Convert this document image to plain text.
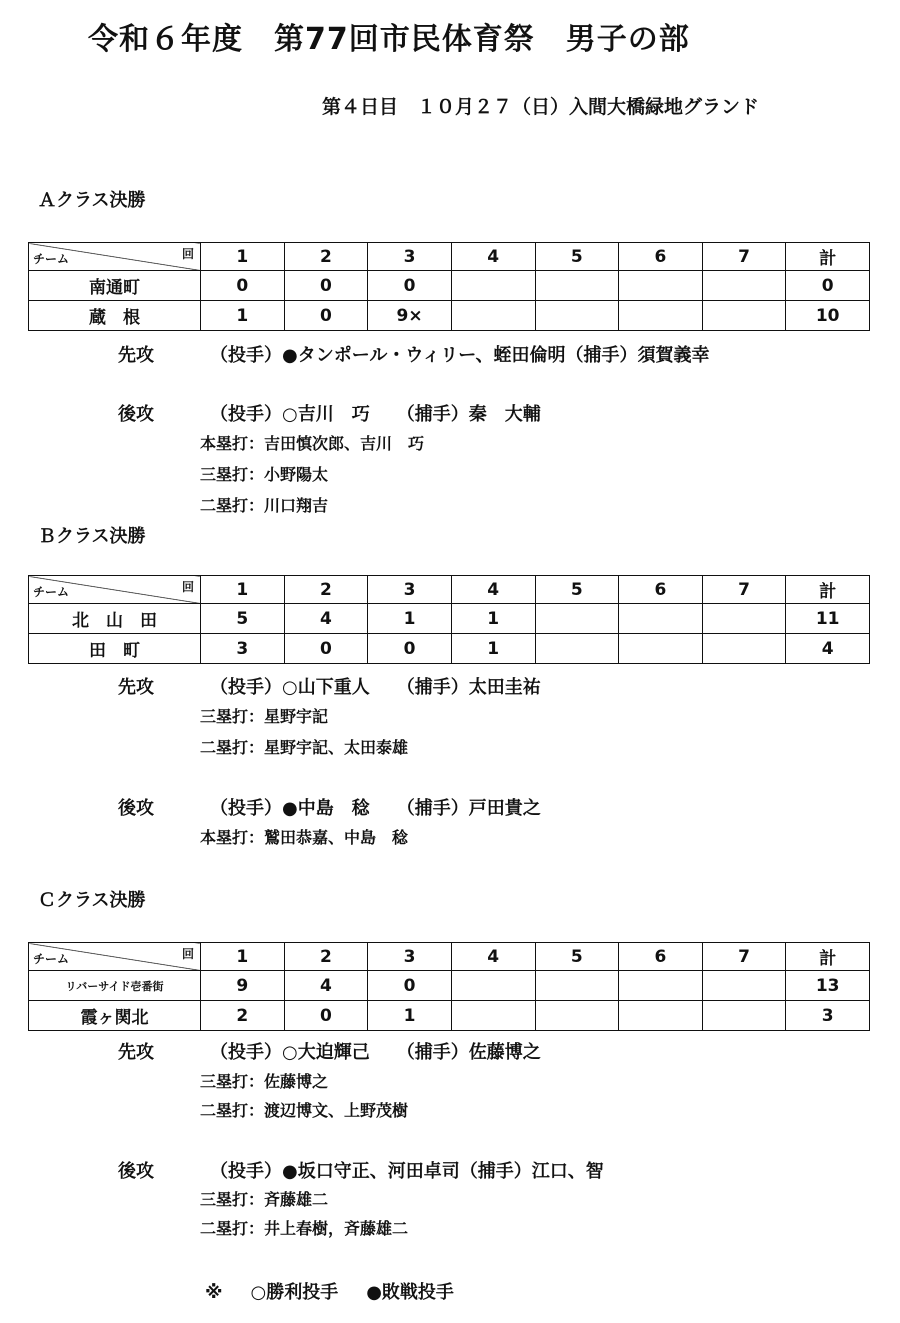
令和６年度　第77回市民体育祭　男子の部
第４日目　１０月２７（日）入間大橋緑地グランド
Ａクラス決勝
チーム 回	1	2	3	4	5	6	7	計
南通町	0	0	0					0
蔵　根	1	0	9×					10
先攻	（投手）●タンポール・ウィリー、蛭田倫明（捕手）須賀義幸
後攻	（投手）○吉川　巧　　（捕手）秦　大輔
本塁打：吉田慎次郎、吉川　巧
三塁打：小野陽太
二塁打：川口翔吉
Ｂクラス決勝
チーム 回	1	2	3	4	5	6	7	計
北　山　田	5	4	1	1				11
田　町	3	0	0	1				4
先攻	（投手）○山下重人　　（捕手）太田圭祐
三塁打：星野宇記
二塁打：星野宇記、太田泰雄
後攻	（投手）●中島　稔　　（捕手）戸田貴之
本塁打：鷲田恭嘉、中島　稔
Ｃクラス決勝
チーム 回	1	2	3	4	5	6	7	計
リバーサイド壱番街	9	4	0					13
霞ヶ関北	2	0	1					3
先攻	（投手）○大迫輝己　　（捕手）佐藤博之
三塁打：佐藤博之
二塁打：渡辺博文、上野茂樹
後攻	（投手）●坂口守正、河田卓司（捕手）江口、智
三塁打：斉藤雄二
二塁打：井上春樹，斉藤雄二
※ ○勝利投手 ●敗戦投手
